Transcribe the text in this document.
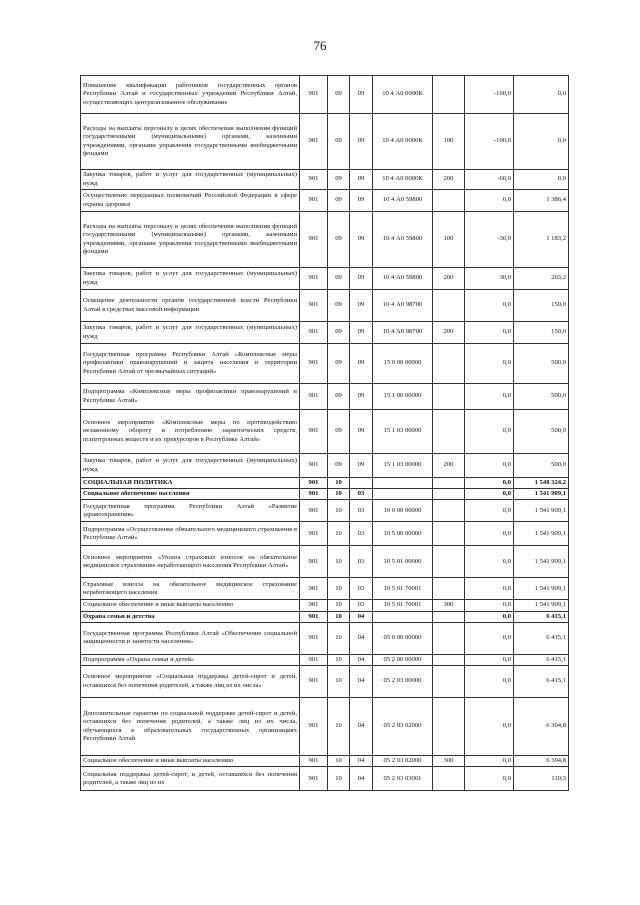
76
Повышение квалификации работников государственных органов Республики Алтай и государственных учреждений Республики Алтай, осуществляющих централизованное обслуживание	901	09	09	10 4 А0 0000К		-160,0	0,0
Расходы на выплаты персоналу в целях обеспечения выполнения функций государственными (муниципальными) органами, казенными учреждениями, органами управления государственными внебюджетными фондами	901	09	09	10 4 А0 0000К	100	-100,0	0,0
Закупка товаров, работ и услуг для государственных (муниципальных) нужд	901	09	09	10 4 А0 0000К	200	-60,0	0,0
Осуществление переданных полномочий Российской Федерации в сфере охраны здоровья	901	09	09	10 4 А0 59800		0,0	1 386,4
Расходы на выплаты персоналу в целях обеспечения выполнения функций государственными (муниципальными) органами, казенными учреждениями, органами управления государственными внебюджетными фондами	901	09	09	10 4 А0 59800	100	-30,0	1 183,2
Закупка товаров, работ и услуг для государственных (муниципальных) нужд	901	09	09	10 4 А0 59800	200	30,0	203,2
Освещение деятельности органов государственной власти Республики Алтай в средствах массовой информации	901	09	09	10 4 А0 98700		0,0	150,0
Закупка товаров, работ и услуг для государственных (муниципальных) нужд	901	09	09	10 4 А0 98700	200	0,0	150,0
Государственная программа Республики Алтай «Комплексные меры профилактики правонарушений и защита населения и территории Республики Алтай от чрезвычайных ситуаций»	901	09	09	15 0 00 00000		0,0	500,0
Подпрограмма «Комплексные меры профилактики правонарушений в Республике Алтай»	901	09	09	15 1 00 00000		0,0	500,0
Основное мероприятие «Комплексные меры по противодействию незаконному обороту и потреблению наркотических средств, психотропных веществ и их прекурсоров в Республике Алтай»	901	09	09	15 1 03 00000		0,0	500,0
Закупка товаров, работ и услуг для государственных (муниципальных) нужд	901	09	09	15 1 03 00000	200	0,0	500,0
СОЦИАЛЬНАЯ ПОЛИТИКА	901	10				0,0	1 548 324,2
Социальное обеспечение населения	901	10	03			0,0	1 541 909,1
Государственная программа Республики Алтай «Развитие здравоохранения»	901	10	03	10 0 00 00000		0,0	1 541 909,1
Подпрограмма «Осуществление обязательного медицинского страхования в Республике Алтай»	901	10	03	10 5 00 00000		0,0	1 541 909,1
Основное мероприятие «Уплата страховых взносов на обязательное медицинское страхование неработающего населения Республики Алтай»	901	10	03	10 5 01 00000		0,0	1 541 909,1
Страховые взносы на обязательное медицинское страхование неработающего населения	901	10	03	10 5 01 70001		0,0	1 541 909,1
Социальное обеспечение и иные выплаты населению	901	10	03	10 5 01 70001	300	0,0	1 541 909,1
Охрана семьи и детства	901	10	04			0,0	6 415,1
Государственная программа Республики Алтай «Обеспечение социальной защищенности и занятости населения»	901	10	04	05 0 00 00000		0,0	6 415,1
Подпрограмма «Охрана семьи и детей»	901	10	04	05 2 00 00000		0,0	6 415,1
Основное мероприятие «Социальная поддержка детей-сирот и детей, оставшихся без попечения родителей, а также лиц из их числа»	901	10	04	05 2 03 00000		0,0	6 415,1
Дополнительные гарантии по социальной поддержке детей-сирот и детей, оставшихся без попечения родителей, а также лиц из их числа, обучающихся в образовательных государственных организациях Республики Алтай	901	10	04	05 2 03 02000		0,0	6 304,8
Социальное обеспечение и иные выплаты населению	901	10	04	05 2 03 02000	300	0,0	6 304,8
Социальная поддержка детей-сирот, и детей, оставшихся без попечения родителей, а также лиц из их	901	10	04	05 2 03 03061		0,0	110,3
